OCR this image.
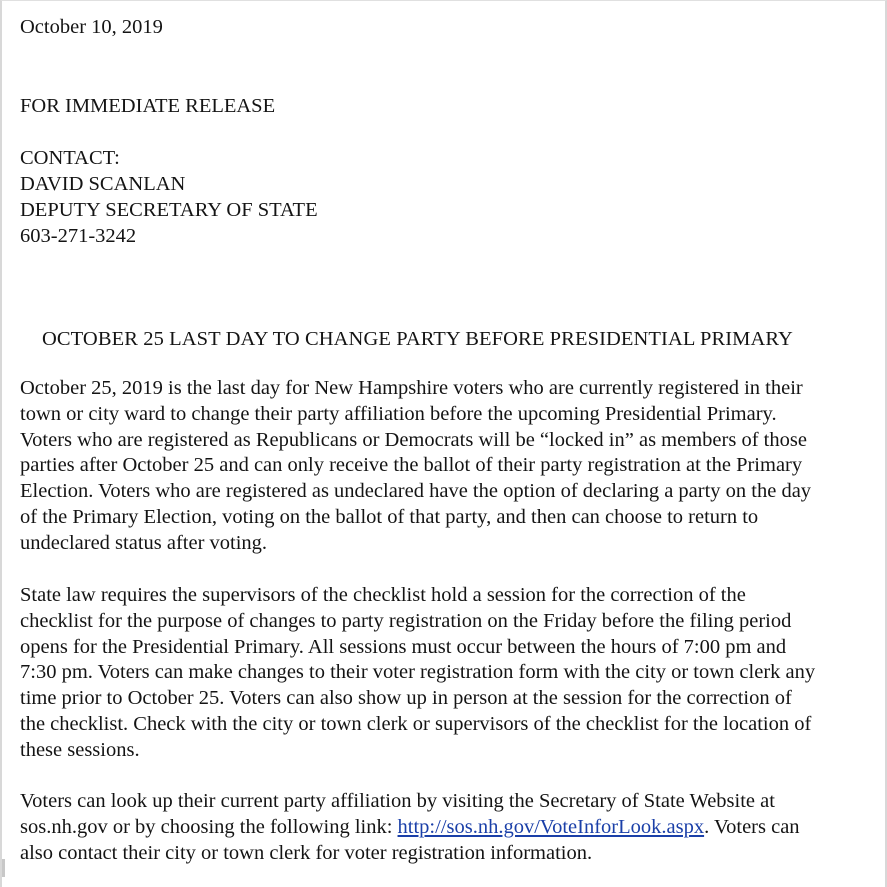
October 10, 2019
FOR IMMEDIATE RELEASE
CONTACT:
DAVID SCANLAN
DEPUTY SECRETARY OF STATE
603-271-3242
OCTOBER 25 LAST DAY TO CHANGE PARTY BEFORE PRESIDENTIAL PRIMARY
October 25, 2019 is the last day for New Hampshire voters who are currently registered in their
town or city ward to change their party affiliation before the upcoming Presidential Primary.
Voters who are registered as Republicans or Democrats will be “locked in” as members of those
parties after October 25 and can only receive the ballot of their party registration at the Primary
Election. Voters who are registered as undeclared have the option of declaring a party on the day
of the Primary Election, voting on the ballot of that party, and then can choose to return to
undeclared status after voting.
State law requires the supervisors of the checklist hold a session for the correction of the
checklist for the purpose of changes to party registration on the Friday before the filing period
opens for the Presidential Primary. All sessions must occur between the hours of 7:00 pm and
7:30 pm. Voters can make changes to their voter registration form with the city or town clerk any
time prior to October 25. Voters can also show up in person at the session for the correction of
the checklist. Check with the city or town clerk or supervisors of the checklist for the location of
these sessions.
Voters can look up their current party affiliation by visiting the Secretary of State Website at
sos.nh.gov or by choosing the following link: http://sos.nh.gov/VoteInforLook.aspx. Voters can
also contact their city or town clerk for voter registration information.
